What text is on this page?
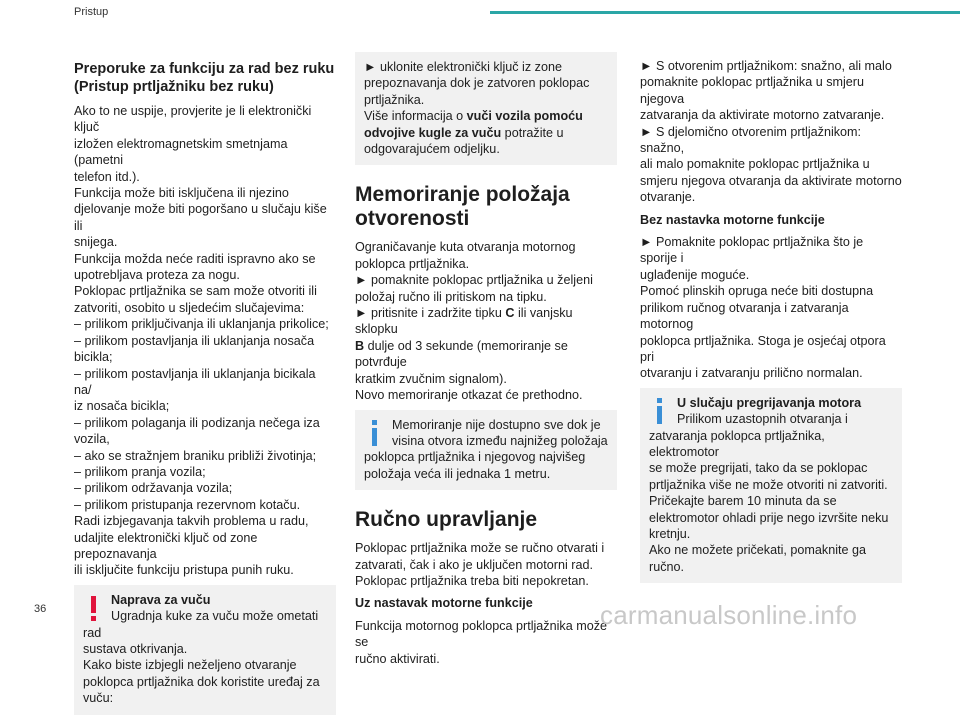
Pristup
Preporuke za funkciju za rad bez ruku (Pristup prtljažniku bez ruku)
Ako to ne uspije, provjerite je li elektronički ključ
izložen elektromagnetskim smetnjama (pametni
telefon itd.).
Funkcija može biti isključena ili njezino
djelovanje može biti pogoršano u slučaju kiše ili
snijega.
Funkcija možda neće raditi ispravno ako se
upotrebljava proteza za nogu.
Poklopac prtljažnika se sam može otvoriti ili
zatvoriti, osobito u sljedećim slučajevima:
– prilikom priključivanja ili uklanjanja prikolice;
– prilikom postavljanja ili uklanjanja nosača
bicikla;
– prilikom postavljanja ili uklanjanja bicikala na/
iz nosača bicikla;
– prilikom polaganja ili podizanja nečega iza
vozila,
– ako se stražnjem braniku približi životinja;
– prilikom pranja vozila;
– prilikom održavanja vozila;
– prilikom pristupanja rezervnom kotaču.
Radi izbjegavanja takvih problema u radu,
udaljite elektronički ključ od zone prepoznavanja
ili isključite funkciju pristupa punih ruku.
Naprava za vuču
Ugradnja kuke za vuču može ometati rad
sustava otkrivanja.
Kako biste izbjegli neželjeno otvaranje
poklopca prtljažnika dok koristite uređaj za
vuču:
► uklonite elektronički ključ iz zone
prepoznavanja dok je zatvoren poklopac
prtljažnika.
Više informacija o vuči vozila pomoću
odvojive kugle za vuču potražite u
odgovarajućem odjeljku.
Memoriranje položaja
otvorenosti
Ograničavanje kuta otvaranja motornog
poklopca prtljažnika.
► pomaknite poklopac prtljažnika u željeni
položaj ručno ili pritiskom na tipku.
► pritisnite i zadržite tipku C ili vanjsku sklopku
B dulje od 3 sekunde (memoriranje se potvrđuje
kratkim zvučnim signalom).
Novo memoriranje otkazat će prethodno.
Memoriranje nije dostupno sve dok je
visina otvora između najnižeg položaja
poklopca prtljažnika i njegovog najvišeg
položaja veća ili jednaka 1 metru.
Ručno upravljanje
Poklopac prtljažnika može se ručno otvarati i
zatvarati, čak i ako je uključen motorni rad.
Poklopac prtljažnika treba biti nepokretan.
Uz nastavak motorne funkcije
Funkcija motornog poklopca prtljažnika može se
ručno aktivirati.
► S otvorenim prtljažnikom: snažno, ali malo
pomaknite poklopac prtljažnika u smjeru njegova
zatvaranja da aktivirate motorno zatvaranje.
► S djelomično otvorenim prtljažnikom: snažno,
ali malo pomaknite poklopac prtljažnika u
smjeru njegova otvaranja da aktivirate motorno
otvaranje.
Bez nastavka motorne funkcije
► Pomaknite poklopac prtljažnika što je sporije i
uglađenije moguće.
Pomoć plinskih opruga neće biti dostupna
prilikom ručnog otvaranja i zatvaranja motornog
poklopca prtljažnika. Stoga je osjećaj otpora pri
otvaranju i zatvaranju prilično normalan.
U slučaju pregrijavanja motora
Prilikom uzastopnih otvaranja i
zatvaranja poklopca prtljažnika, elektromotor
se može pregrijati, tako da se poklopac
prtljažnika više ne može otvoriti ni zatvoriti.
Pričekajte barem 10 minuta da se
elektromotor ohladi prije nego izvršite neku
kretnju.
Ako ne možete pričekati, pomaknite ga ručno.
36	carmanualsonline.info
